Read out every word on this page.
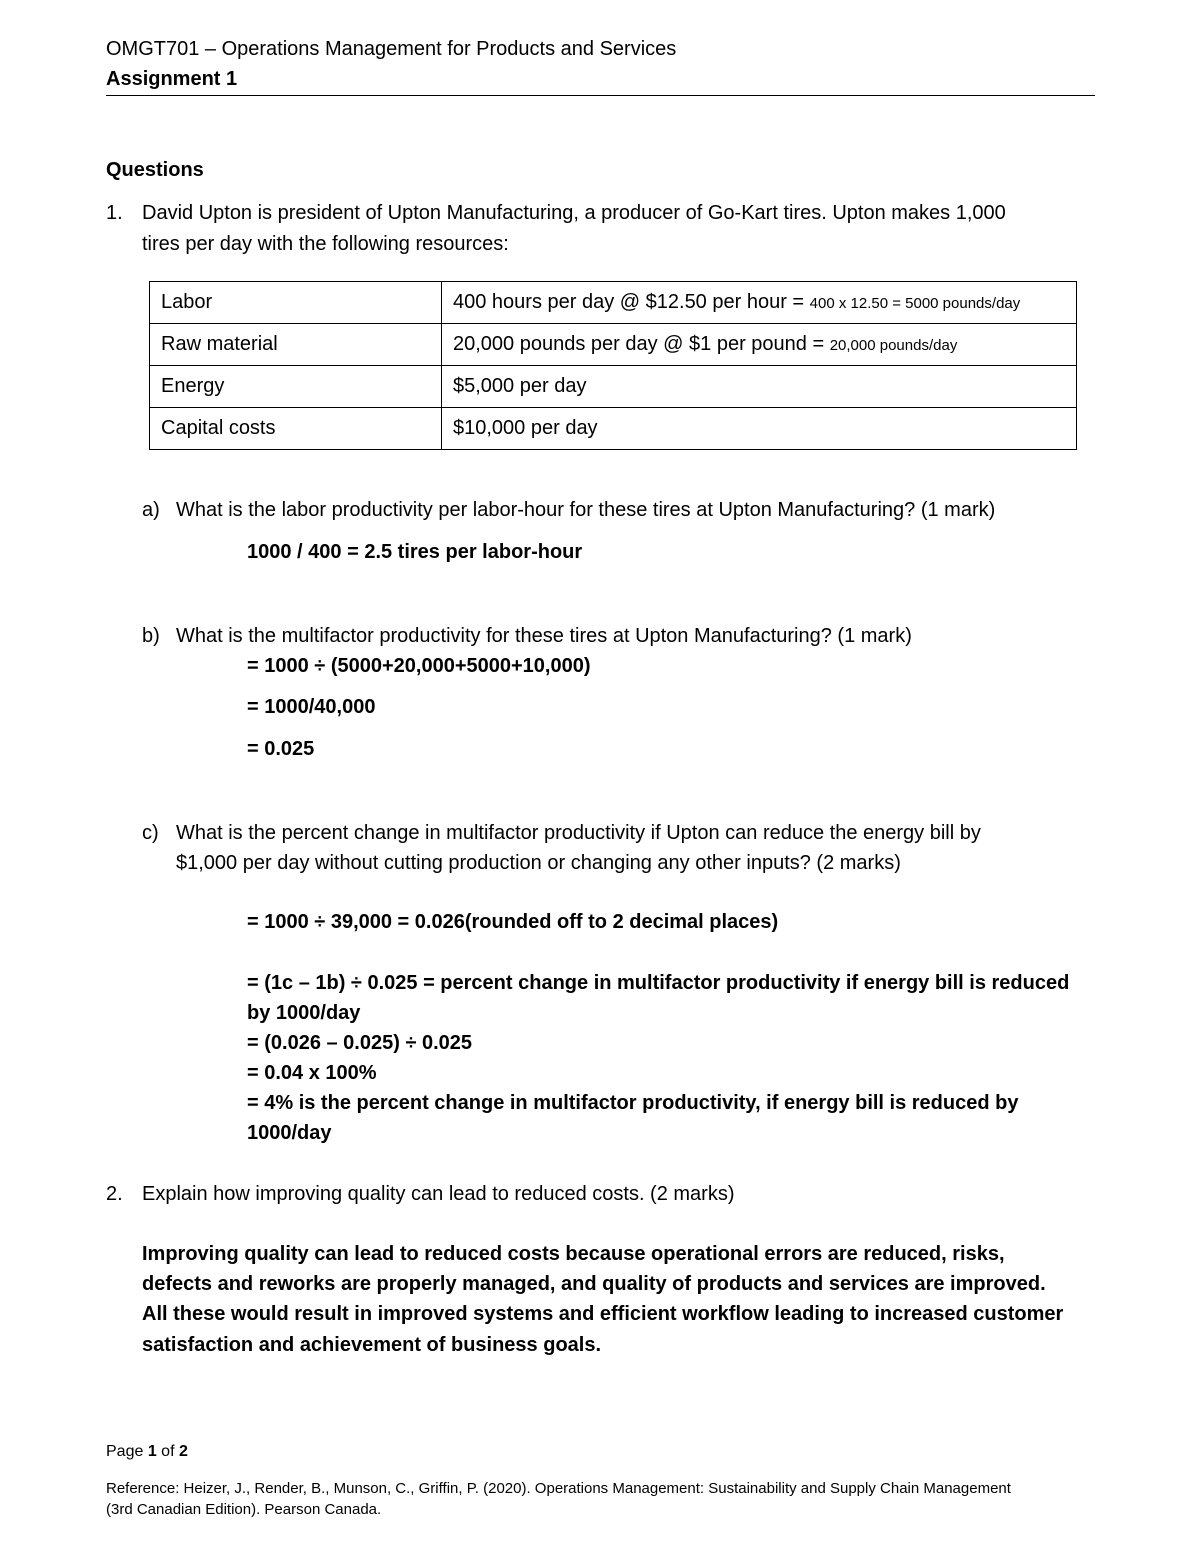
OMGT701 – Operations Management for Products and Services
Assignment 1
Questions
1. David Upton is president of Upton Manufacturing, a producer of Go-Kart tires. Upton makes 1,000
tires per day with the following resources:
Labor	400 hours per day @ $12.50 per hour = 400 x 12.50 = 5000 pounds/day
Raw material	20,000 pounds per day @ $1 per pound = 20,000 pounds/day
Energy	$5,000 per day
Capital costs	$10,000 per day
a) What is the labor productivity per labor-hour for these tires at Upton Manufacturing? (1 mark)
1000 / 400 = 2.5 tires per labor-hour
b) What is the multifactor productivity for these tires at Upton Manufacturing? (1 mark)
= 1000 ÷ (5000+20,000+5000+10,000)
= 1000/40,000
= 0.025
c) What is the percent change in multifactor productivity if Upton can reduce the energy bill by
$1,000 per day without cutting production or changing any other inputs? (2 marks)
= 1000 ÷ 39,000 = 0.026(rounded off to 2 decimal places)
= (1c – 1b) ÷ 0.025 = percent change in multifactor productivity if energy bill is reduced
by 1000/day
= (0.026 – 0.025) ÷ 0.025
= 0.04 x 100%
= 4% is the percent change in multifactor productivity, if energy bill is reduced by
1000/day
2. Explain how improving quality can lead to reduced costs. (2 marks)
Improving quality can lead to reduced costs because operational errors are reduced, risks,
defects and reworks are properly managed, and quality of products and services are improved.
All these would result in improved systems and efficient workflow leading to increased customer
satisfaction and achievement of business goals.
Page 1 of 2
Reference: Heizer, J., Render, B., Munson, C., Griffin, P. (2020). Operations Management: Sustainability and Supply Chain Management
(3rd Canadian Edition). Pearson Canada.
